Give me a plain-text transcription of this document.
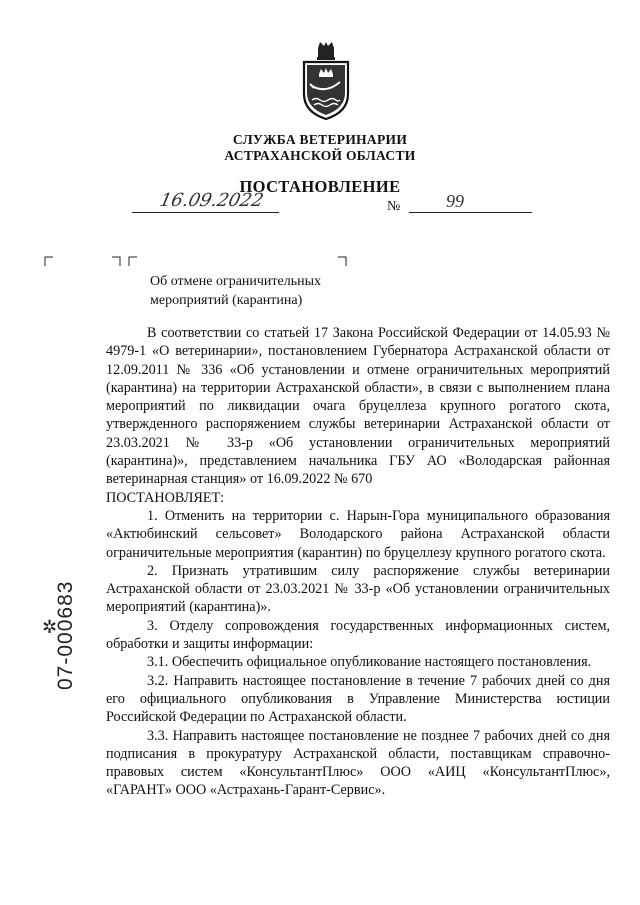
СЛУЖБА ВЕТЕРИНАРИИ
АСТРАХАНСКОЙ ОБЛАСТИ
ПОСТАНОВЛЕНИЕ
16.09.2022	№	99
Об отмене ограничительных
мероприятий (карантина)

В соответствии со статьей 17 Закона Российской Федерации от 14.05.93 № 4979-1 «О ветеринарии», постановлением Губернатора Астраханской области от 12.09.2011 № 336 «Об установлении и отмене ограничительных мероприятий (карантина) на территории Астраханской области», в связи с выполнением плана мероприятий по ликвидации очага бруцеллеза крупного рогатого скота, утвержденного распоряжением службы ветеринарии Астраханской области от 23.03.2021 № 33-р «Об установлении ограничительных мероприятий (карантина)», представлением начальника ГБУ АО «Володарская районная ветеринарная станция» от 16.09.2022 № 670

ПОСТАНОВЛЯЕТ:

1. Отменить на территории с. Нарын-Гора муниципального образования «Актюбинский сельсовет» Володарского района Астраханской области ограничительные мероприятия (карантин) по бруцеллезу крупного рогатого скота.

2. Признать утратившим силу распоряжение службы ветеринарии Астраханской области от 23.03.2021 № 33-р «Об установлении ограничительных мероприятий (карантина)».

3. Отделу сопровождения государственных информационных систем, обработки и защиты информации:

3.1. Обеспечить официальное опубликование настоящего постановления.

3.2. Направить настоящее постановление в течение 7 рабочих дней со дня его официального опубликования в Управление Министерства юстиции Российской Федерации по Астраханской области.

3.3. Направить настоящее постановление не позднее 7 рабочих дней со дня подписания в прокуратуру Астраханской области, поставщикам справочно-правовых систем «КонсультантПлюс» ООО «АИЦ «КонсультантПлюс», «ГАРАНТ» ООО «Астрахань-Гарант-Сервис».

✲
07-000683
